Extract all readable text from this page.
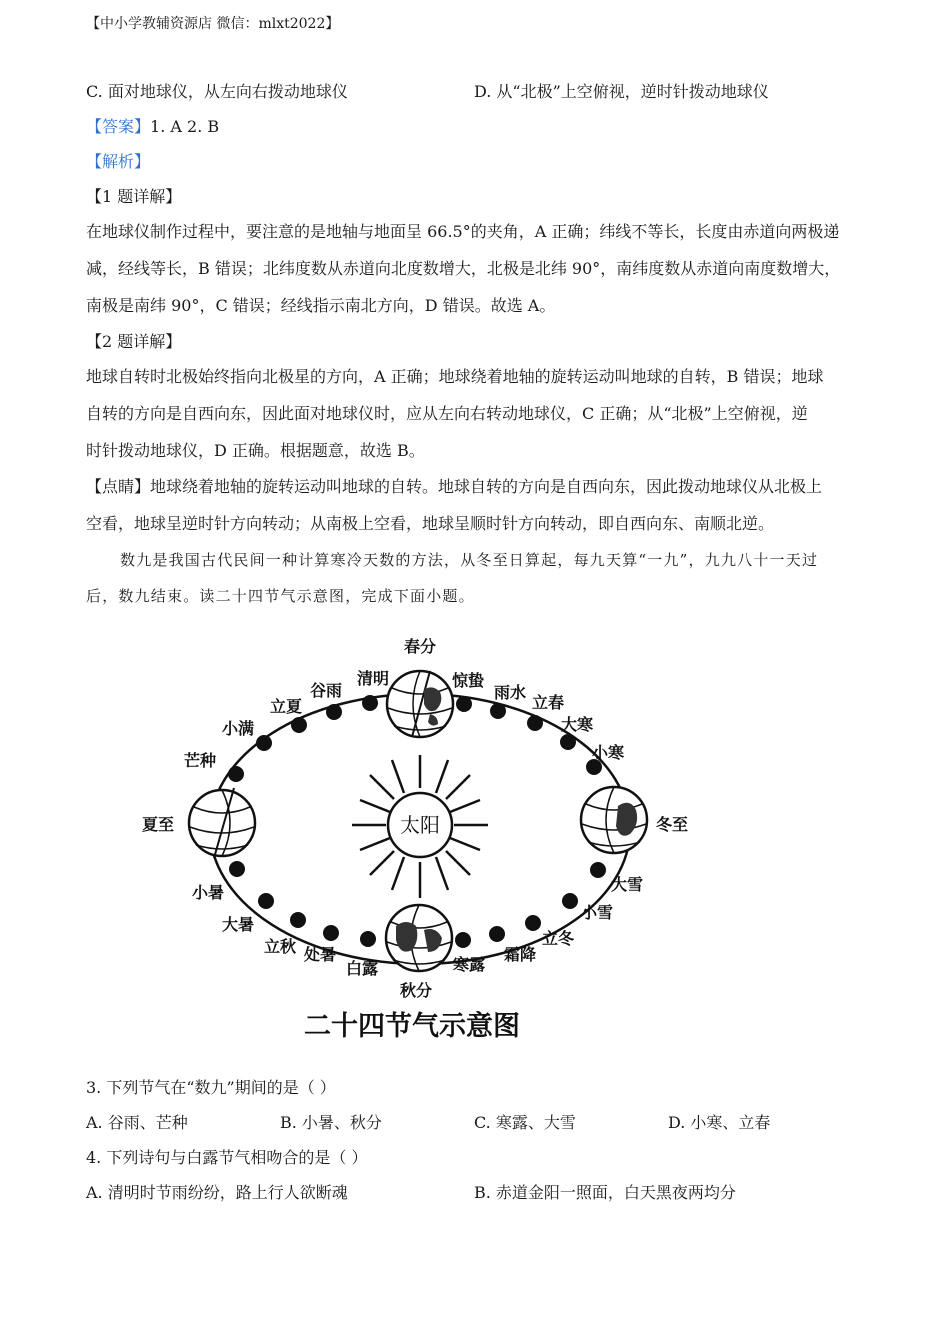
【中小学教辅资源店 微信：mlxt2022】
C. 面对地球仪，从左向右拨动地球仪	D. 从“北极”上空俯视，逆时针拨动地球仪
【答案】1. A 2. B
【解析】
【1 题详解】
在地球仪制作过程中，要注意的是地轴与地面呈 66.5°的夹角，A 正确；纬线不等长，长度由赤道向两极递
减，经线等长，B 错误；北纬度数从赤道向北度数增大，北极是北纬 90°，南纬度数从赤道向南度数增大，
南极是南纬 90°，C 错误；经线指示南北方向，D 错误。故选 A。
【2 题详解】
地球自转时北极始终指向北极星的方向，A 正确；地球绕着地轴的旋转运动叫地球的自转，B 错误；地球
自转的方向是自西向东，因此面对地球仪时，应从左向右转动地球仪，C 正确；从“北极”上空俯视，逆
时针拨动地球仪，D 正确。根据题意，故选 B。
【点睛】地球绕着地轴的旋转运动叫地球的自转。地球自转的方向是自西向东，因此拨动地球仪从北极上
空看，地球呈逆时针方向转动；从南极上空看，地球呈顺时针方向转动，即自西向东、南顺北逆。
数九是我国古代民间一种计算寒冷天数的方法，从冬至日算起，每九天算“一九”，九九八十一天过
后，数九结束。读二十四节气示意图，完成下面小题。
太阳
春分
惊蛰
雨水
立春
大寒
小寒
冬至
大雪
小雪
立冬
霜降
寒露
秋分
白露
处暑
立秋
大暑
小暑
夏至
芒种
小满
立夏
谷雨
清明
二十四节气示意图
3. 下列节气在“数九”期间的是（ ）
A. 谷雨、芒种	B. 小暑、秋分	C. 寒露、大雪	D. 小寒、立春
4. 下列诗句与白露节气相吻合的是（ ）
A. 清明时节雨纷纷，路上行人欲断魂	B. 赤道金阳一照面，白天黑夜两均分
